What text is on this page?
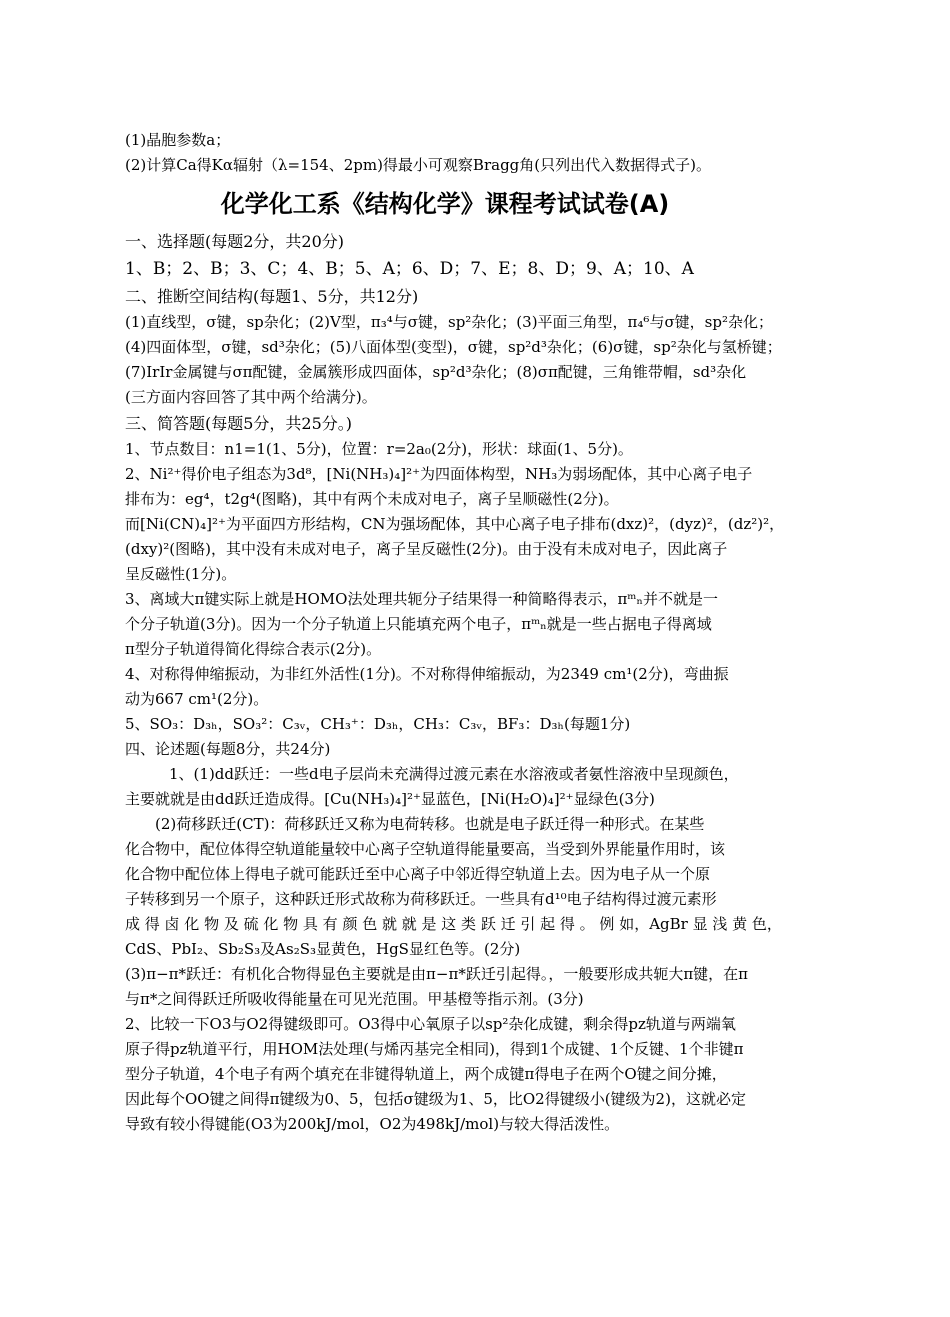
(1)晶胞参数a；

(2)计算Ca得Kα辐射（λ=154、2pm)得最小可观察Bragg角(只列出代入数据得式子)。

化学化工系《结构化学》课程考试试卷(A)

一、选择题(每题2分，共20分)

1、B；2、B；3、C；4、B；5、A；6、D；7、E；8、D；9、A；10、A

二、推断空间结构(每题1、5分，共12分)

(1)直线型，σ键，sp杂化；(2)V型，π₃⁴与σ键，sp²杂化；(3)平面三角型，π₄⁶与σ键，sp²杂化；

(4)四面体型，σ键，sd³杂化；(5)八面体型(变型)，σ键，sp²d³杂化；(6)σ键，sp²杂化与氢桥键；

(7)IrIr金属键与σπ配键，金属簇形成四面体，sp²d³杂化；(8)σπ配键，三角锥带帽，sd³杂化

(三方面内容回答了其中两个给满分)。

三、简答题(每题5分，共25分。)

1、节点数目：n1=1(1、5分)，位置：r=2a₀(2分)，形状：球面(1、5分)。

2、Ni²⁺得价电子组态为3d⁸，[Ni(NH₃)₄]²⁺为四面体构型，NH₃为弱场配体，其中心离子电子

排布为：eg⁴，t2g⁴(图略)，其中有两个未成对电子，离子呈顺磁性(2分)。

而[Ni(CN)₄]²⁺为平面四方形结构，CN为强场配体，其中心离子电子排布(dxz)²，(dyz)²，(dz²)²，

(dxy)²(图略)，其中没有未成对电子，离子呈反磁性(2分)。由于没有未成对电子，因此离子

呈反磁性(1分)。

3、离域大π键实际上就是HOMO法处理共轭分子结果得一种简略得表示，πᵐₙ并不就是一

个分子轨道(3分)。因为一个分子轨道上只能填充两个电子，πᵐₙ就是一些占据电子得离域

π型分子轨道得简化得综合表示(2分)。

4、对称得伸缩振动，为非红外活性(1分)。不对称得伸缩振动，为2349 cm¹(2分)，弯曲振

动为667 cm¹(2分)。

5、SO₃：D₃ₕ，SO₃²：C₃ᵥ，CH₃⁺：D₃ₕ，CH₃：C₃ᵥ，BF₃：D₃ₕ(每题1分)

四、论述题(每题8分，共24分)

1、(1)dd跃迁：一些d电子层尚未充满得过渡元素在水溶液或者氨性溶液中呈现颜色，

主要就就是由dd跃迁造成得。[Cu(NH₃)₄]²⁺显蓝色，[Ni(H₂O)₄]²⁺显绿色(3分)

(2)荷移跃迁(CT)：荷移跃迁又称为电荷转移。也就是电子跃迁得一种形式。在某些

化合物中，配位体得空轨道能量较中心离子空轨道得能量要高，当受到外界能量作用时，该

化合物中配位体上得电子就可能跃迁至中心离子中邻近得空轨道上去。因为电子从一个原

子转移到另一个原子，这种跃迁形式故称为荷移跃迁。一些具有d¹⁰电子结构得过渡元素形

成 得 卤 化 物 及 硫 化 物 具 有 颜 色 就 就 是 这 类 跃 迁 引 起 得 。 例 如，AgBr 显 浅 黄 色，

CdS、PbI₂、Sb₂S₃及As₂S₃显黄色，HgS显红色等。(2分)

(3)π−π*跃迁：有机化合物得显色主要就是由π−π*跃迁引起得。，一般要形成共轭大π键，在π

与π*之间得跃迁所吸收得能量在可见光范围。甲基橙等指示剂。(3分)

2、比较一下O3与O2得键级即可。O3得中心氧原子以sp²杂化成键，剩余得pz轨道与两端氧

原子得pz轨道平行，用HOM法处理(与烯丙基完全相同)，得到1个成键、1个反键、1个非键π

型分子轨道，4个电子有两个填充在非键得轨道上，两个成键π得电子在两个O键之间分摊，

因此每个OO键之间得π键级为0、5，包括σ键级为1、5，比O2得键级小(键级为2)，这就必定

导致有较小得键能(O3为200kJ/mol，O2为498kJ/mol)与较大得活泼性。
